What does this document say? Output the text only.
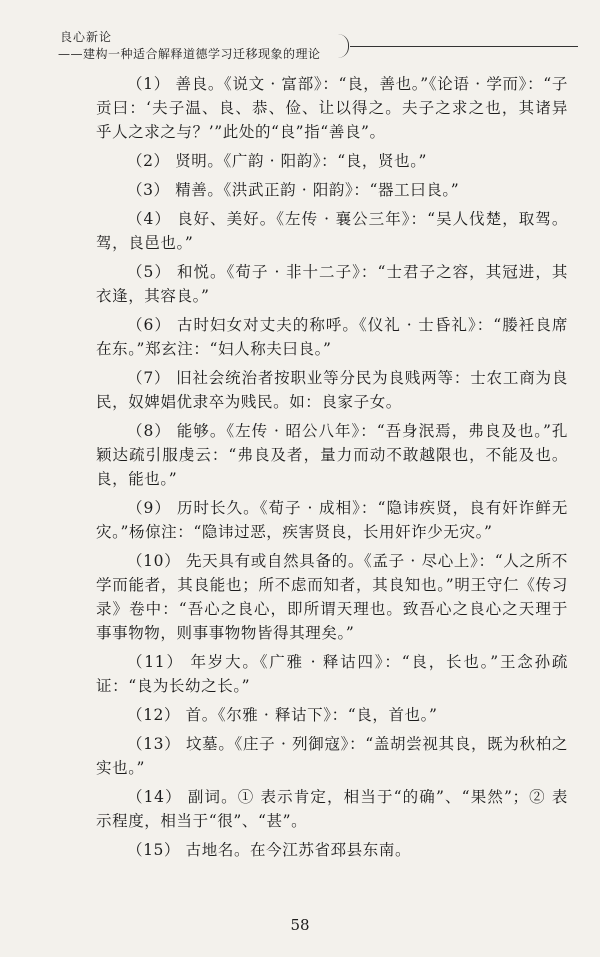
良心新论
——建构一种适合解释道德学习迁移现象的理论

（1） 善良。《说文 · 富部》：“良，善也。”《论语 · 学而》：“子贡曰：‘夫子温、良、恭、俭、让以得之。夫子之求之也，其诸异乎人之求之与？’”此处的“良”指“善良”。

（2） 贤明。《广韵 · 阳韵》：“良，贤也。”

（3） 精善。《洪武正韵 · 阳韵》：“器工曰良。”

（4） 良好、美好。《左传 · 襄公三年》：“吴人伐楚，取驾。驾，良邑也。”

（5） 和悦。《荀子 · 非十二子》：“士君子之容，其冠进，其衣逢，其容良。”

（6） 古时妇女对丈夫的称呼。《仪礼 · 士昏礼》：“媵衽良席在东。”郑玄注：“妇人称夫曰良。”

（7） 旧社会统治者按职业等分民为良贱两等：士农工商为良民，奴婢娼优隶卒为贱民。如：良家子女。

（8） 能够。《左传 · 昭公八年》：“吾身泯焉，弗良及也。”孔颖达疏引服虔云：“弗良及者，量力而动不敢越限也，不能及也。良，能也。”

（9） 历时长久。《荀子 · 成相》：“隐讳疾贤，良有奸诈鲜无灾。”杨倞注：“隐讳过恶，疾害贤良，长用奸诈少无灾。”

（10） 先天具有或自然具备的。《孟子 · 尽心上》：“人之所不学而能者，其良能也；所不虑而知者，其良知也。”明王守仁《传习录》卷中：“吾心之良心，即所谓天理也。致吾心之良心之天理于事事物物，则事事物物皆得其理矣。”

（11） 年岁大。《广雅 · 释诂四》：“良，长也。”王念孙疏证：“良为长幼之长。”

（12） 首。《尔雅 · 释诂下》：“良，首也。”

（13） 坟墓。《庄子 · 列御寇》：“盖胡尝视其良，既为秋柏之实也。”

（14） 副词。① 表示肯定，相当于“的确”、“果然”；② 表示程度，相当于“很”、“甚”。

（15） 古地名。在今江苏省邳县东南。

58
